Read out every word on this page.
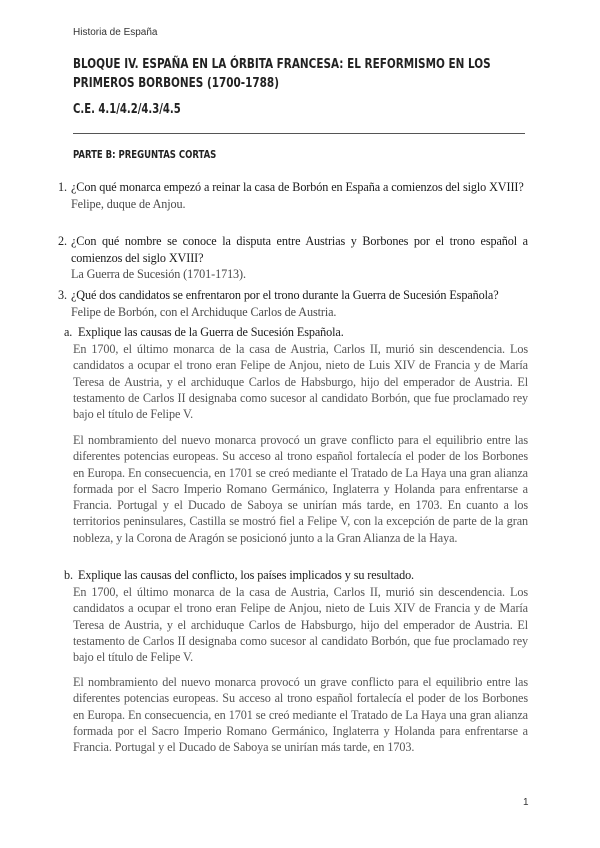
Historia de España
BLOQUE IV. ESPAÑA EN LA ÓRBITA FRANCESA: EL REFORMISMO EN LOS PRIMEROS BORBONES (1700-1788)
C.E. 4.1/4.2/4.3/4.5
PARTE B: PREGUNTAS CORTAS
1. ¿Con qué monarca empezó a reinar la casa de Borbón en España a comienzos del siglo XVIII?
Felipe, duque de Anjou.
2. ¿Con qué nombre se conoce la disputa entre Austrias y Borbones por el trono español a comienzos del siglo XVIII?
La Guerra de Sucesión (1701-1713).
3. ¿Qué dos candidatos se enfrentaron por el trono durante la Guerra de Sucesión Española?
Felipe de Borbón, con el Archiduque Carlos de Austria.
a. Explique las causas de la Guerra de Sucesión Española.
En 1700, el último monarca de la casa de Austria, Carlos II, murió sin descendencia. Los candidatos a ocupar el trono eran Felipe de Anjou, nieto de Luis XIV de Francia y de María Teresa de Austria, y el archiduque Carlos de Habsburgo, hijo del emperador de Austria. El testamento de Carlos II designaba como sucesor al candidato Borbón, que fue proclamado rey bajo el título de Felipe V.
El nombramiento del nuevo monarca provocó un grave conflicto para el equilibrio entre las diferentes potencias europeas. Su acceso al trono español fortalecía el poder de los Borbones en Europa. En consecuencia, en 1701 se creó mediante el Tratado de La Haya una gran alianza formada por el Sacro Imperio Romano Germánico, Inglaterra y Holanda para enfrentarse a Francia. Portugal y el Ducado de Saboya se unirían más tarde, en 1703. En cuanto a los territorios peninsulares, Castilla se mostró fiel a Felipe V, con la excepción de parte de la gran nobleza, y la Corona de Aragón se posicionó junto a la Gran Alianza de la Haya.
b. Explique las causas del conflicto, los países implicados y su resultado.
En 1700, el último monarca de la casa de Austria, Carlos II, murió sin descendencia. Los candidatos a ocupar el trono eran Felipe de Anjou, nieto de Luis XIV de Francia y de María Teresa de Austria, y el archiduque Carlos de Habsburgo, hijo del emperador de Austria. El testamento de Carlos II designaba como sucesor al candidato Borbón, que fue proclamado rey bajo el título de Felipe V.
El nombramiento del nuevo monarca provocó un grave conflicto para el equilibrio entre las diferentes potencias europeas. Su acceso al trono español fortalecía el poder de los Borbones en Europa. En consecuencia, en 1701 se creó mediante el Tratado de La Haya una gran alianza formada por el Sacro Imperio Romano Germánico, Inglaterra y Holanda para enfrentarse a Francia. Portugal y el Ducado de Saboya se unirían más tarde, en 1703.
1
